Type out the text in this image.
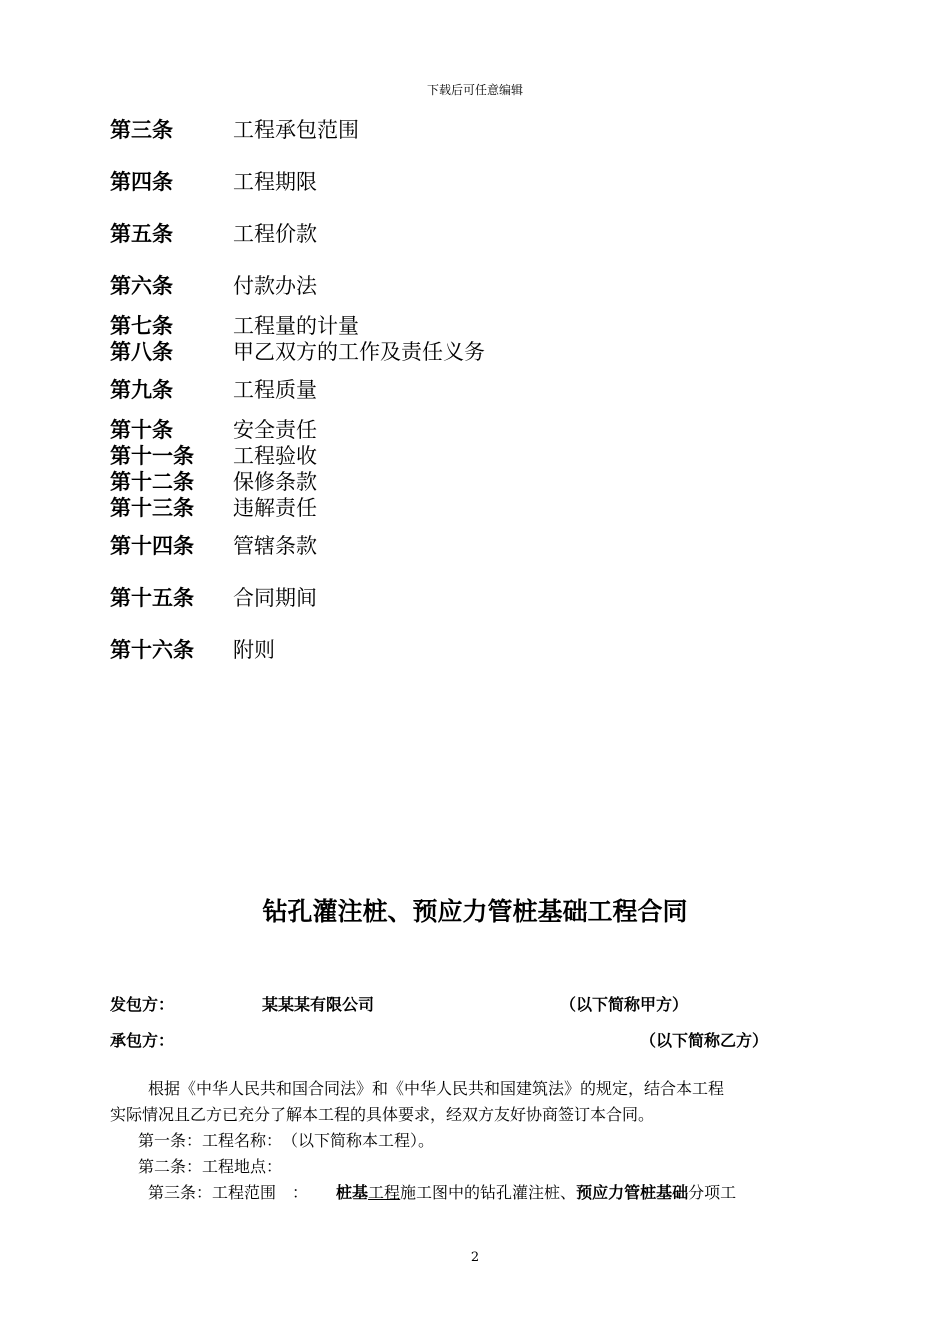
下载后可任意编辑
第三条	工程承包范围
第四条	工程期限
第五条	工程价款
第六条	付款办法
第七条	工程量的计量
第八条	甲乙双方的工作及责任义务
第九条	工程质量
第十条	安全责任
第十一条 工程验收
第十二条 保修条款
第十三条 违解责任
第十四条 管辖条款
第十五条 合同期间
第十六条 附则
钻孔灌注桩、预应力管桩基础工程合同
发包方：	某某某有限公司	（以下简称甲方）
承包方：	（以下简称乙方）
根据《中华人民共和国合同法》和《中华人民共和国建筑法》的规定，结合本工程
实际情况且乙方已充分了解本工程的具体要求，经双方友好协商签订本合同。
第一条：工程名称：　（以下简称本工程）。
第二条：工程地点：
第三条：工程范围　： 桩基工程施工图中的钻孔灌注桩、预应力管桩基础分项工
2
